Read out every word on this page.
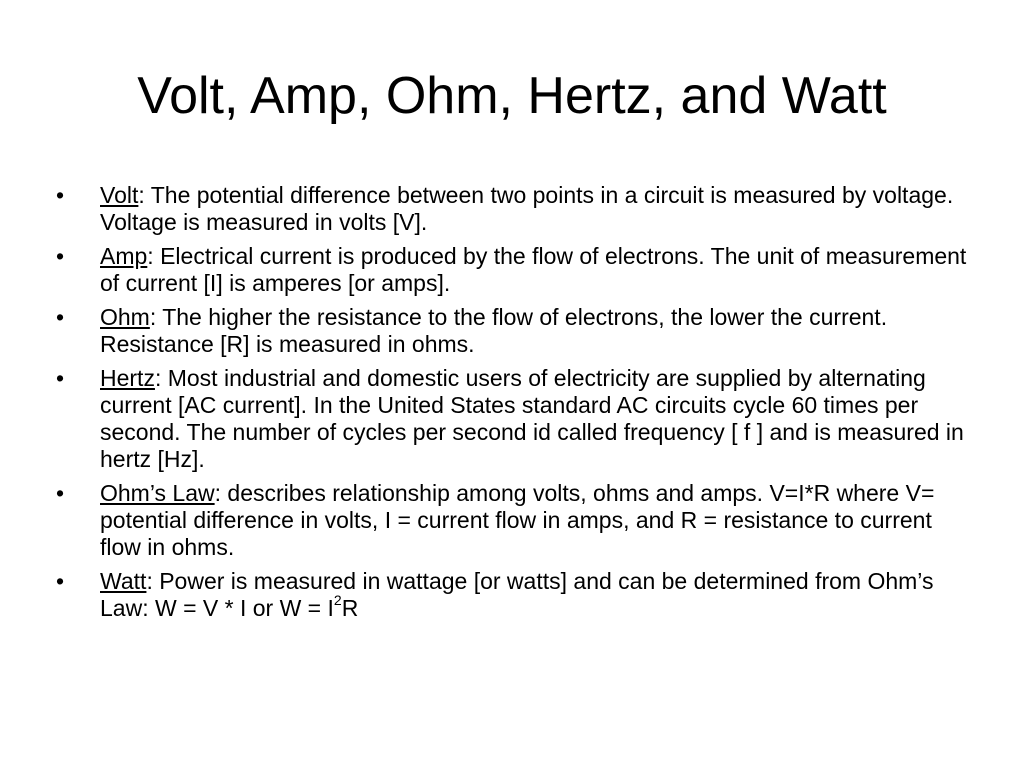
Volt, Amp, Ohm, Hertz, and Watt
•	Volt: The potential difference between two points in a circuit is measured by voltage. Voltage is measured in volts [V].
•	Amp: Electrical current is produced by the flow of electrons. The unit of measurement of current [I] is amperes [or amps].
•	Ohm: The higher the resistance to the flow of electrons, the lower the current. Resistance [R] is measured in ohms.
•	Hertz: Most industrial and domestic users of electricity are supplied by alternating current [AC current]. In the United States standard AC circuits cycle 60 times per second. The number of cycles per second id called frequency [ f ] and is measured in hertz [Hz].
•	Ohm’s Law: describes relationship among volts, ohms and amps. V=I*R where V= potential difference in volts, I = current flow in amps, and R = resistance to current flow in ohms.
•	Watt: Power is measured in wattage [or watts] and can be determined from Ohm’s Law: W = V * I or $W = I^2R$
